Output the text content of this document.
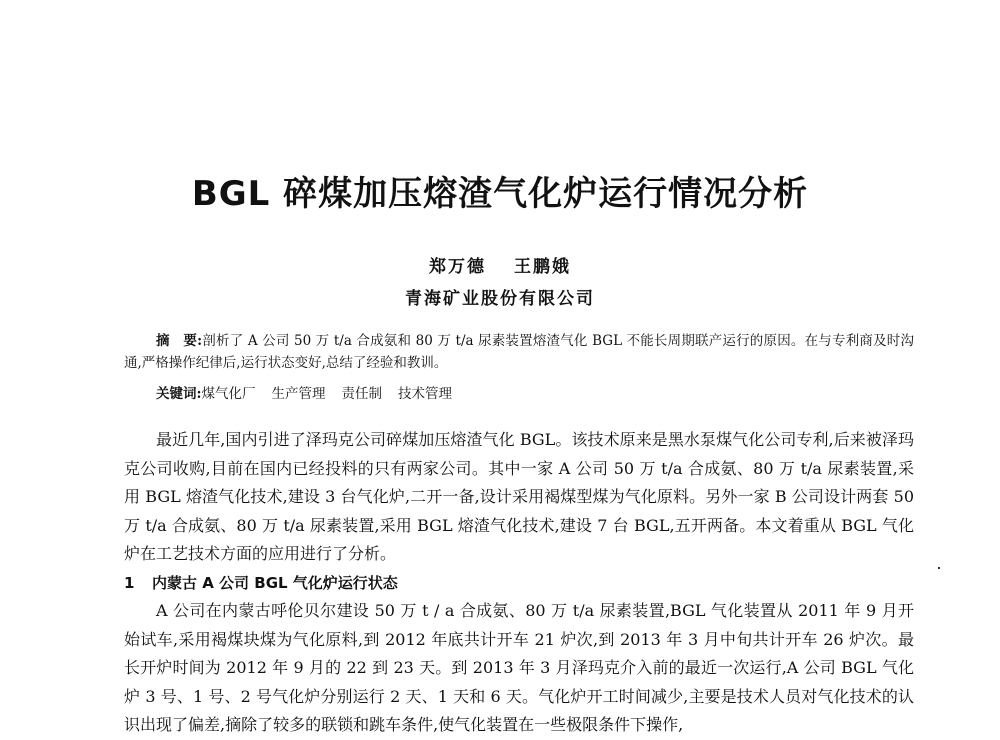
BGL 碎煤加压熔渣气化炉运行情况分析
郑万德 王鹏娥
青海矿业股份有限公司
摘　要:剖析了 A 公司 50 万 t/a 合成氨和 80 万 t/a 尿素装置熔渣气化 BGL 不能长周期联产运行的原因。在与专利商及时沟通,严格操作纪律后,运行状态变好,总结了经验和教训。
关键词:煤气化厂 生产管理 责任制 技术管理

最近几年,国内引进了泽玛克公司碎煤加压熔渣气化 BGL。该技术原来是黑水泵煤气化公司专利,后来被泽玛克公司收购,目前在国内已经投料的只有两家公司。其中一家 A 公司 50 万 t/a 合成氨、80 万 t/a 尿素装置,采用 BGL 熔渣气化技术,建设 3 台气化炉,二开一备,设计采用褐煤型煤为气化原料。另外一家 B 公司设计两套 50 万 t/a 合成氨、80 万 t/a 尿素装置,采用 BGL 熔渣气化技术,建设 7 台 BGL,五开两备。本文着重从 BGL 气化炉在工艺技术方面的应用进行了分析。

1 内蒙古 A 公司 BGL 气化炉运行状态

A 公司在内蒙古呼伦贝尔建设 50 万 t / a 合成氨、80 万 t/a 尿素装置,BGL 气化装置从 2011 年 9 月开始试车,采用褐煤块煤为气化原料,到 2012 年底共计开车 21 炉次,到 2013 年 3 月中旬共计开车 26 炉次。最长开炉时间为 2012 年 9 月的 22 到 23 天。到 2013 年 3 月泽玛克介入前的最近一次运行,A 公司 BGL 气化炉 3 号、1 号、2 号气化炉分别运行 2 天、1 天和 6 天。气化炉开工时间减少,主要是技术人员对气化技术的认识出现了偏差,摘除了较多的联锁和跳车条件,使气化装置在一些极限条件下操作,
